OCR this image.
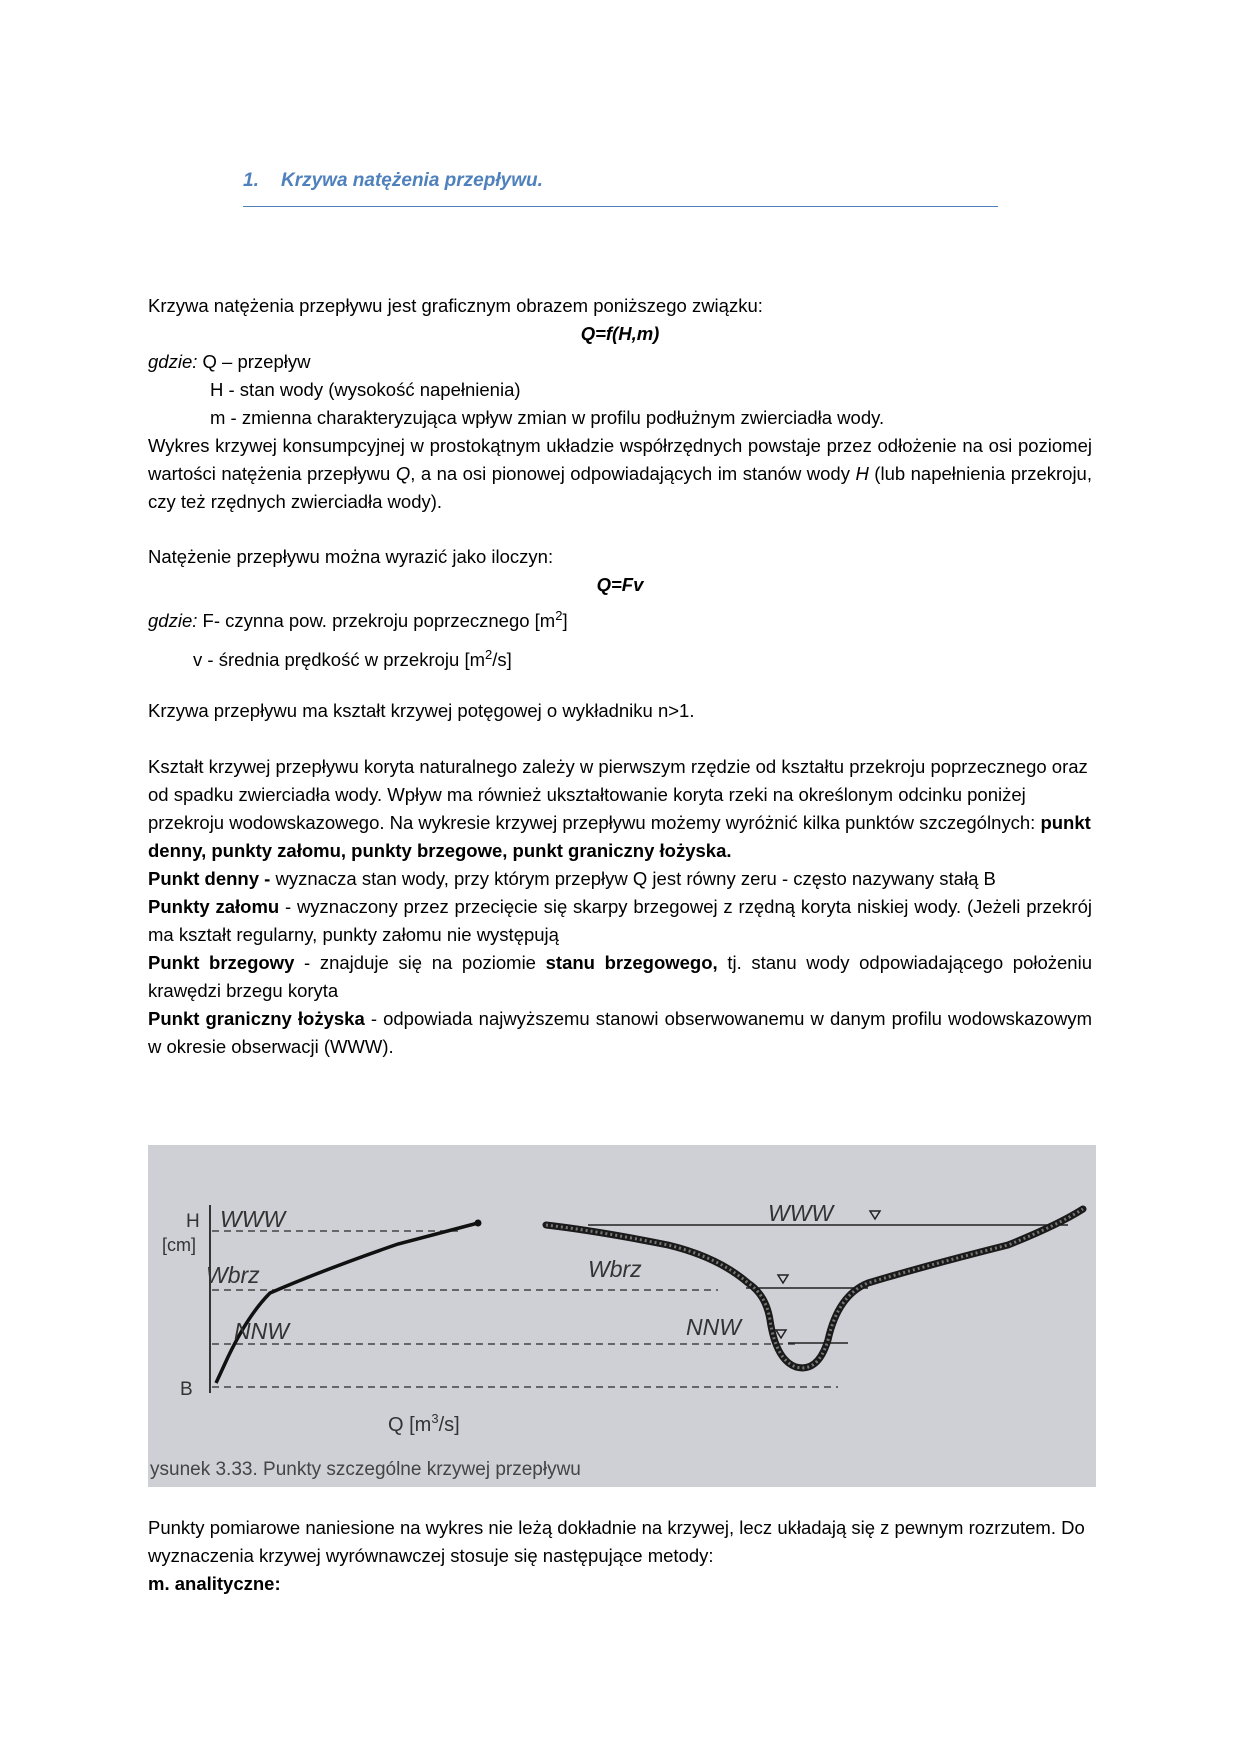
1. Krzywa natężenia przepływu.

Krzywa natężenia przepływu jest graficznym obrazem poniższego związku:

Q=f(H,m)

gdzie: Q – przepływ

H - stan wody (wysokość napełnienia)

m - zmienna charakteryzująca wpływ zmian w profilu podłużnym zwierciadła wody.

Wykres krzywej konsumpcyjnej w prostokątnym układzie współrzędnych powstaje przez odłożenie na osi poziomej wartości natężenia przepływu Q, a na osi pionowej odpowiadających im stanów wody H (lub napełnienia przekroju, czy też rzędnych zwierciadła wody).

Natężenie przepływu można wyrazić jako iloczyn:

Q=Fv

gdzie: F- czynna pow. przekroju poprzecznego $[m^2]$

v - średnia prędkość w przekroju $[m^2/s]$

Krzywa przepływu ma kształt krzywej potęgowej o wykładniku n>1.

Kształt krzywej przepływu koryta naturalnego zależy w pierwszym rzędzie od kształtu przekroju poprzecznego oraz od spadku zwierciadła wody. Wpływ ma również ukształtowanie koryta rzeki na określonym odcinku poniżej przekroju wodowskazowego. Na wykresie krzywej przepływu możemy wyróżnić kilka punktów szczególnych: punkt denny, punkty załomu, punkty brzegowe, punkt graniczny łożyska.

Punkt denny - wyznacza stan wody, przy którym przepływ Q jest równy zeru - często nazywany stałą B

Punkty załomu - wyznaczony przez przecięcie się skarpy brzegowej z rzędną koryta niskiej wody. (Jeżeli przekrój ma kształt regularny, punkty załomu nie występują

Punkt brzegowy - znajduje się na poziomie stanu brzegowego, tj. stanu wody odpowiadającego położeniu krawędzi brzegu koryta

Punkt graniczny łożyska - odpowiada najwyższemu stanowi obserwowanemu w danym profilu wodowskazowym w okresie obserwacji (WWW).

H
[cm]
WWW
Wbrz
NNW
B
Q $[m^3/s]$
WWW
Wbrz
NNW
ysunek 3.33. Punkty szczególne krzywej przepływu

Punkty pomiarowe naniesione na wykres nie leżą dokładnie na krzywej, lecz układają się z pewnym rozrzutem. Do wyznaczenia krzywej wyrównawczej stosuje się następujące metody:

m. analityczne:
